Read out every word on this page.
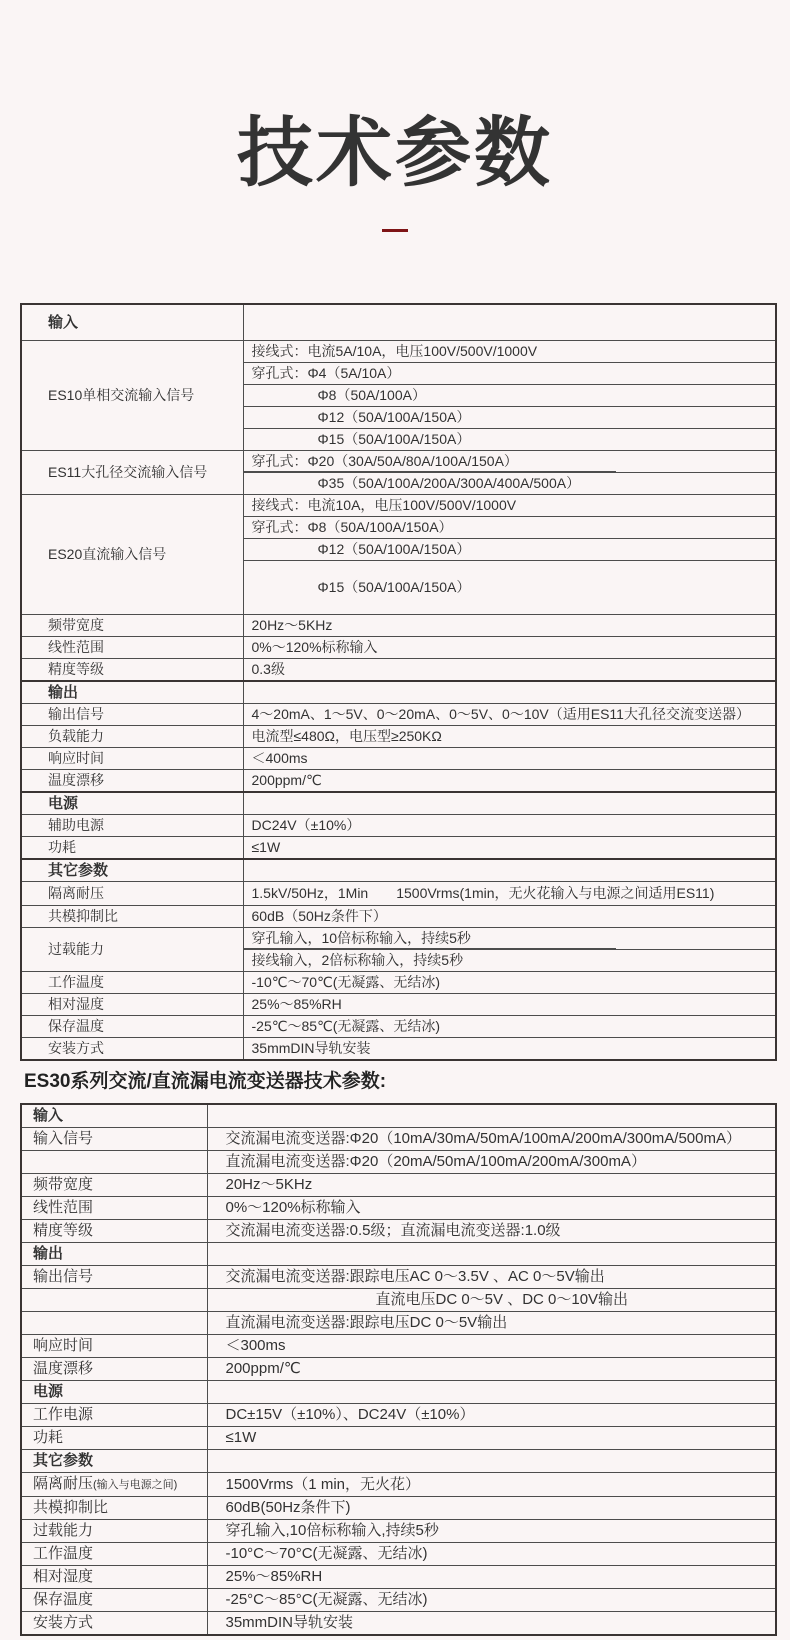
技术参数
输入	
ES10单相交流输入信号	接线式：电流5A/10A，电压100V/500V/1000V
	穿孔式：Φ4（5A/10A）
	Φ8（50A/100A）
	Φ12（50A/100A/150A）
	Φ15（50A/100A/150A）
ES11大孔径交流输入信号	穿孔式：Φ20（30A/50A/80A/100A/150A）
	Φ35（50A/100A/200A/300A/400A/500A）
ES20直流输入信号	接线式：电流10A，电压100V/500V/1000V
	穿孔式：Φ8（50A/100A/150A）
	Φ12（50A/100A/150A）
	Φ15（50A/100A/150A）
频带宽度	20Hz～5KHz
线性范围	0%～120%标称输入
精度等级	0.3级
输出	
输出信号	4～20mA、1～5V、0～20mA、0～5V、0～10V（适用ES11大孔径交流变送器）
负载能力	电流型≤480Ω，电压型≥250KΩ
响应时间	＜400ms
温度漂移	200ppm/℃
电源	
辅助电源	DC24V（±10%）
功耗	≤1W
其它参数	
隔离耐压	1.5kV/50Hz，1Min　　1500Vrms(1min，无火花输入与电源之间适用ES11)
共模抑制比	60dB（50Hz条件下）
过载能力	穿孔输入，10倍标称输入，持续5秒
	接线输入，2倍标称输入，持续5秒
工作温度	-10℃～70℃(无凝露、无结冰)
相对湿度	25%～85%RH
保存温度	-25℃～85℃(无凝露、无结冰)
安装方式	35mmDIN导轨安装
ES30系列交流/直流漏电流变送器技术参数:
输入	
输入信号	交流漏电流变送器:Φ20（10mA/30mA/50mA/100mA/200mA/300mA/500mA）
	直流漏电流变送器:Φ20（20mA/50mA/100mA/200mA/300mA）
频带宽度	20Hz～5KHz
线性范围	0%～120%标称输入
精度等级	交流漏电流变送器:0.5级；直流漏电流变送器:1.0级
输出	
输出信号	交流漏电流变送器:跟踪电压AC 0～3.5V 、AC 0～5V输出
	直流电压DC 0～5V 、DC 0～10V输出
	直流漏电流变送器:跟踪电压DC 0～5V输出
响应时间	＜300ms
温度漂移	200ppm/℃
电源	
工作电源	DC±15V（±10%）、DC24V（±10%）
功耗	≤1W
其它参数	
隔离耐压(输入与电源之间)	1500Vrms（1 min，无火花）
共模抑制比	60dB(50Hz条件下)
过载能力	穿孔输入,10倍标称输入,持续5秒
工作温度	-10°C～70°C(无凝露、无结冰)
相对湿度	25%～85%RH
保存温度	-25°C～85°C(无凝露、无结冰)
安装方式	35mmDIN导轨安装
